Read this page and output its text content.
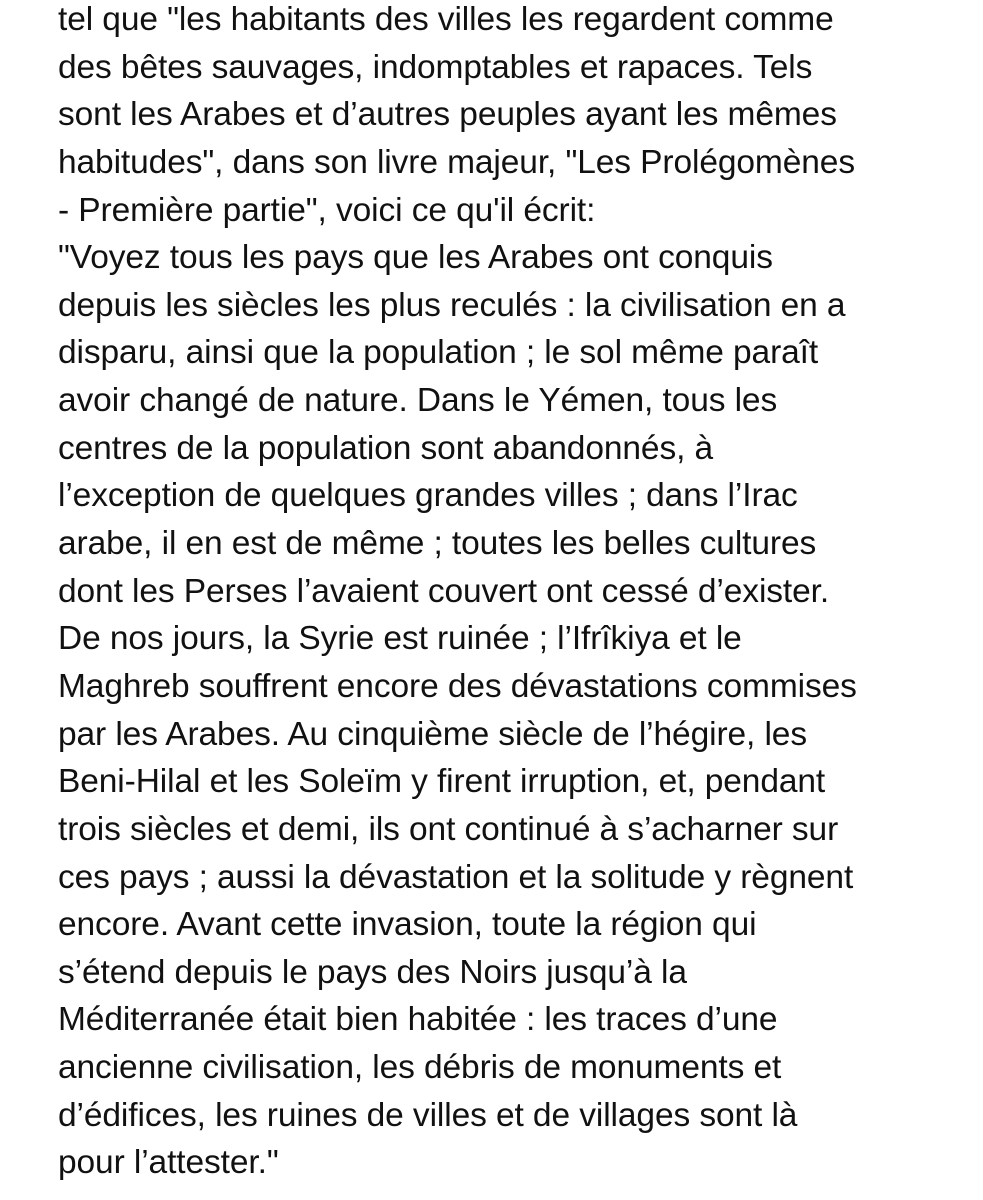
tel que "les habitants des villes les regardent comme
des bêtes sauvages, indomptables et rapaces. Tels
sont les Arabes et d’autres peuples ayant les mêmes
habitudes", dans son livre majeur, "Les Prolégomènes
- Première partie", voici ce qu'il écrit:
"Voyez tous les pays que les Arabes ont conquis
depuis les siècles les plus reculés : la civilisation en a
disparu, ainsi que la population ; le sol même paraît
avoir changé de nature. Dans le Yémen, tous les
centres de la population sont abandonnés, à
l’exception de quelques grandes villes ; dans l’Irac
arabe, il en est de même ; toutes les belles cultures
dont les Perses l’avaient couvert ont cessé d’exister.
De nos jours, la Syrie est ruinée ; l’Ifrîkiya et le
Maghreb souffrent encore des dévastations commises
par les Arabes. Au cinquième siècle de l’hégire, les
Beni-Hilal et les Soleïm y firent irruption, et, pendant
trois siècles et demi, ils ont continué à s’acharner sur
ces pays ; aussi la dévastation et la solitude y règnent
encore. Avant cette invasion, toute la région qui
s’étend depuis le pays des Noirs jusqu’à la
Méditerranée était bien habitée : les traces d’une
ancienne civilisation, les débris de monuments et
d’édifices, les ruines de villes et de villages sont là
pour l’attester."
